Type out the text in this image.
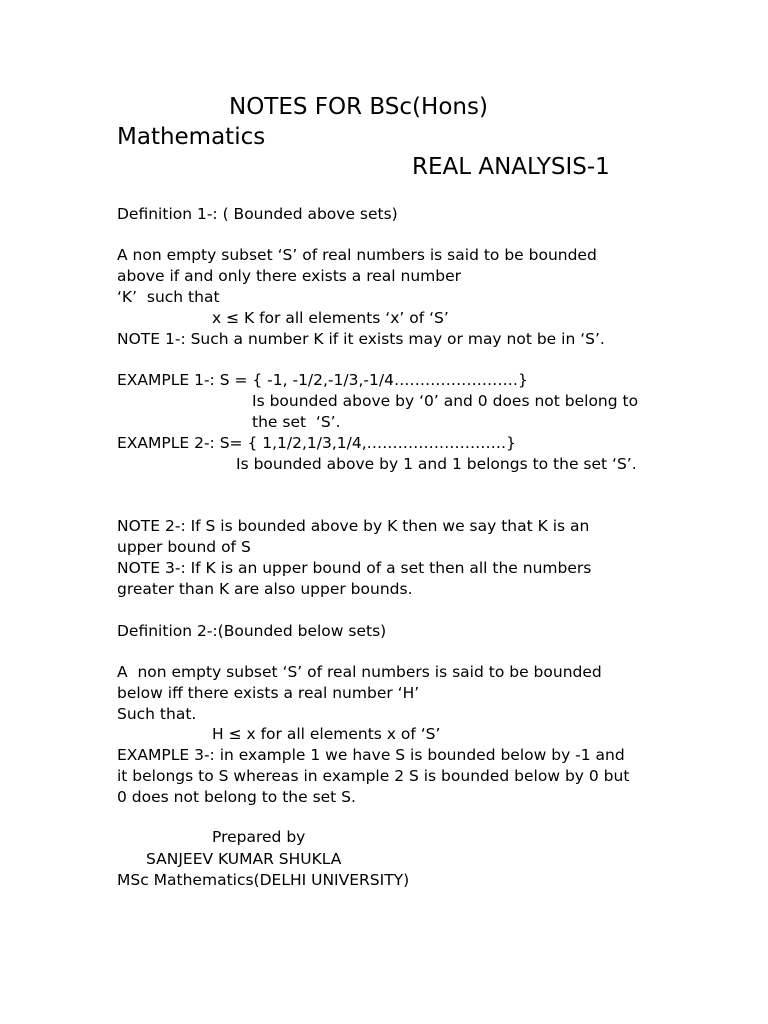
NOTES FOR BSc(Hons)
Mathematics
REAL ANALYSIS-1
Definition 1-: ( Bounded above sets)
A non empty subset ‘S’ of real numbers is said to be bounded
above if and only there exists a real number
‘K’  such that
x ≤ K for all elements ‘x’ of ‘S’
NOTE 1-: Such a number K if it exists may or may not be in ‘S’.
EXAMPLE 1-: S = { -1, -1/2,-1/3,-1/4……………………}
Is bounded above by ‘0’ and 0 does not belong to
the set  ‘S’.
EXAMPLE 2-: S= { 1,1/2,1/3,1/4,………………………}
Is bounded above by 1 and 1 belongs to the set ‘S’.
NOTE 2-: If S is bounded above by K then we say that K is an
upper bound of S
NOTE 3-: If K is an upper bound of a set then all the numbers
greater than K are also upper bounds.
Definition 2-:(Bounded below sets)
A  non empty subset ‘S’ of real numbers is said to be bounded
below iff there exists a real number ‘H’
Such that.
H ≤ x for all elements x of ‘S’
EXAMPLE 3-: in example 1 we have S is bounded below by -1 and
it belongs to S whereas in example 2 S is bounded below by 0 but
0 does not belong to the set S.
Prepared by
SANJEEV KUMAR SHUKLA
MSc Mathematics(DELHI UNIVERSITY)
